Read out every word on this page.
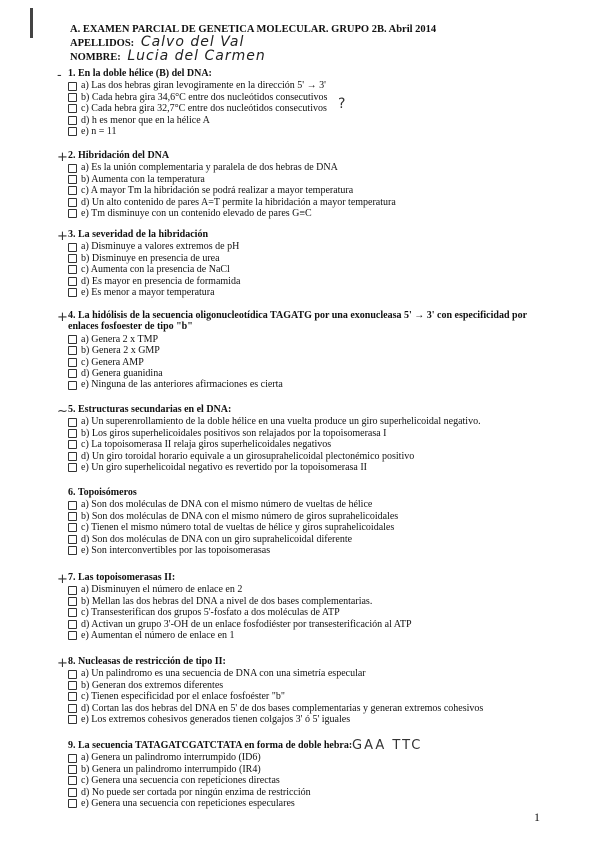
A. EXAMEN PARCIAL DE GENETICA MOLECULAR. GRUPO 2B. Abril 2014
APELLIDOS: Calvo del Val
NOMBRE: Lucia del Carmen
1. En la doble hélice (B) del DNA:
a) Las dos hebras giran levogiramente en la dirección 5' → 3'
b) Cada hebra gira 34,6°C entre dos nucleótidos consecutivos
c) Cada hebra gira 32,7°C entre dos nucleótidos consecutivos
d) h es menor que en la hélice A
e) n = 11
2. Hibridación del DNA
a) Es la unión complementaria y paralela de dos hebras de DNA
b) Aumenta con la temperatura
c) A mayor Tm la hibridación se podrá realizar a mayor temperatura
d) Un alto contenido de pares A=T permite la hibridación a mayor temperatura
e) Tm disminuye con un contenido elevado de pares G≡C
3. La severidad de la hibridación
a) Disminuye a valores extremos de pH
b) Disminuye en presencia de urea
c) Aumenta con la presencia de NaCl
d) Es mayor en presencia de formamida
e) Es menor a mayor temperatura
4. La hidólisis de la secuencia oligonucleotídica TAGATG por una exonucleasa 5' → 3' con especificidad por enlaces fosfoester de tipo "b"
a) Genera 2 x TMP
b) Genera 2 x GMP
c) Genera AMP
d) Genera guanidina
e) Ninguna de las anteriores afirmaciones es cierta
5. Estructuras secundarias en el DNA:
a) Un superenrollamiento de la doble hélice en una vuelta produce un giro superhelicoidal negativo.
b) Los giros superhelicoidales positivos son relajados por la topoisomerasa I
c) La topoisomerasa II relaja giros superhelicoidales negativos
d) Un giro toroidal horario equivale a un girosuprahelicoidal plectonémico positivo
e) Un giro superhelicoidal negativo es revertido por la topoisomerasa II
6. Topoisómeros
a) Son dos moléculas de DNA con el mismo número de vueltas de hélice
b) Son dos moléculas de DNA con el mismo número de giros suprahelicoidales
c) Tienen el mismo número total de vueltas de hélice y giros suprahelicoidales
d) Son dos moléculas de DNA con un giro suprahelicoidal diferente
e) Son interconvertibles por las topoisomerasas
7. Las topoisomerasas II:
a) Disminuyen el número de enlace en 2
b) Mellan las dos hebras del DNA a nivel de dos bases complementarias.
c) Transesterifican dos grupos 5'-fosfato a dos moléculas de ATP
d) Activan un grupo 3'-OH de un enlace fosfodiéster por transesterificación al ATP
e) Aumentan el número de enlace en 1
8. Nucleasas de restricción de tipo II:
a) Un palindromo es una secuencia de DNA con una simetría especular
b) Generan dos extremos diferentes
c) Tienen especificidad por el enlace fosfoéster "b"
d) Cortan las dos hebras del DNA en 5' de dos bases complementarias y generan extremos cohesivos
e) Los extremos cohesivos generados tienen colgajos 3' ó 5' iguales
9. La secuencia TATAGATCGATCTATA en forma de doble hebra:
a) Genera un palindromo interrumpido (ID6)
b) Genera un palindromo interrumpido (IR4)
c) Genera una secuencia con repeticiones directas
d) No puede ser cortada por ningún enzima de restricción
e) Genera una secuencia con repeticiones especulares
?
GAA TTC
1
-
+
+
+
~
+
+
